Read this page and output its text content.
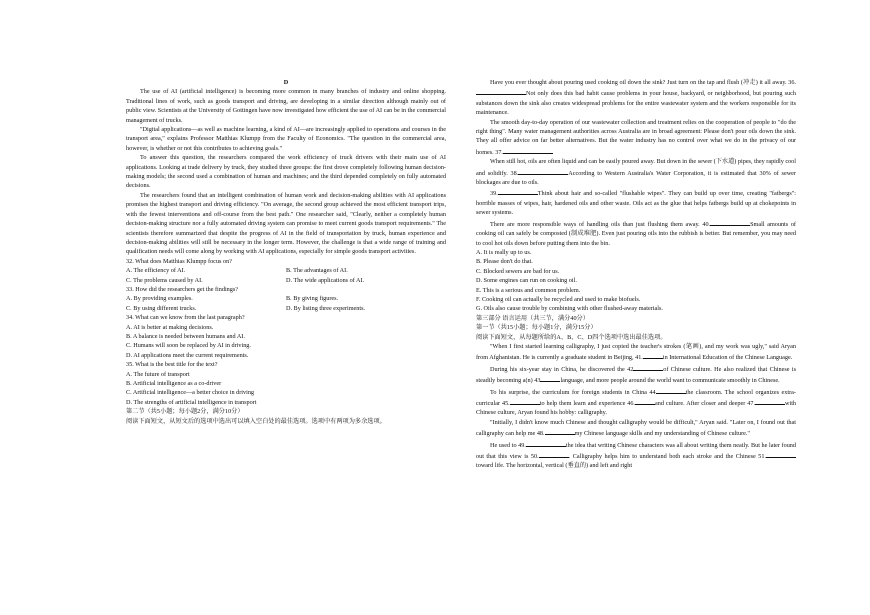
D

The use of AI (artificial intelligence) is becoming more common in many branches of industry and online shopping. Traditional lines of work, such as goods transport and driving, are developing in a similar direction although mainly out of public view. Scientists at the University of Gottingen have now investigated how efficient the use of AI can be in the commercial management of trucks.

"Digital applications—as well as machine learning, a kind of AI—are increasingly applied to operations and courses in the transport area," explains Professor Matthias Klumpp from the Faculty of Economics. "The question in the commercial area, however, is whether or not this contributes to achieving goals."

To answer this question, the researchers compared the work efficiency of truck drivers with their main use of AI applications. Looking at trade delivery by truck, they studied three groups: the first drove completely following human decision-making models; the second used a combination of human and machines; and the third depended completely on fully automated decisions.

The researchers found that an intelligent combination of human work and decision-making abilities with AI applications promises the highest transport and driving efficiency. "On average, the second group achieved the most efficient transport trips, with the fewest interventions and off-course from the best path." One researcher said, "Clearly, neither a completely human decision-making structure nor a fully automated driving system can promise to meet current goods transport requirements." The scientists therefore summarized that despite the progress of AI in the field of transportation by truck, human experience and decision-making abilities will still be necessary in the longer term. However, the challenge is that a wide range of training and qualification needs will come along by working with AI applications, especially for simple goods transport activities.

32. What does Matthias Klumpp focus on?

A. The efficiency of AI.	B. The advantages of AI.
C. The problems caused by AI.	D. The wide applications of AI.

33. How did the researchers get the findings?

A. By providing examples.	B. By giving figures.
C. By using different trucks.	D. By listing three experiments.

34. What can we know from the last paragraph?

A. AI is better at making decisions.

B. A balance is needed between humans and AI.

C. Humans will soon be replaced by AI in driving.

D. AI applications meet the current requirements.

35. What is the best title for the text?

A. The future of transport

B. Artificial intelligence as a co-driver

C. Artificial intelligence—a better choice in driving

D. The strengths of artificial intelligence in transport

第二节（共5小题；每小题2分，满分10分）

阅读下面短文，从短文后的选项中选出可以填入空白处的最佳选项。选项中有两项为多余选项。

Have you ever thought about pouring used cooking oil down the sink? Just turn on the tap and flush (冲走) it all away. 36.Not only does this bad habit cause problems in your house, backyard, or neighborhood, but pouring such substances down the sink also creates widespread problems for the entire wastewater system and the workers responsible for its maintenance.

The smooth day-to-day operation of our wastewater collection and treatment relies on the cooperation of people to "do the right thing". Many water management authorities across Australia are in broad agreement: Please don't pour oils down the sink. They all offer advice on far better alternatives. But the water industry has no control over what we do in the privacy of our homes. 37.

When still hot, oils are often liquid and can be easily poured away. But down in the sewer (下水道) pipes, they rapidly cool and solidify. 38.	According to Western Australia's Water Corporation, it is estimated that 30% of sewer blockages are due to oils.

39.	Think about hair and so-called "flushable wipes". They can build up over time, creating "fatbergs": horrible masses of wipes, hair, hardened oils and other waste. Oils act as the glue that helps fatbergs build up at chokepoints in sewer systems.

There are more responsible ways of handling oils than just flushing them away. 40.	Small amounts of cooking oil can safely be composted (制成堆肥). Even just pouring oils into the rubbish is better. But remember, you may need to cool hot oils down before putting them into the bin.

A. It is really up to us.

B. Please don't do that.

C. Blocked sewers are bad for us.

D. Some engines can run on cooking oil.

E. This is a serious and common problem.

F. Cooking oil can actually be recycled and used to make biofuels.

G. Oils also cause trouble by combining with other flushed-away materials.

第三部分 语言运用（共三节，满分40分）

第一节（共15小题；每小题1分，满分15分）

阅读下面短文，从每题所给的A、B、C、D四个选项中选出最佳选项。

"When I first started learning calligraphy, I just copied the teacher's strokes (笔画), and my work was ugly," said Aryan from Afghanistan. He is currently a graduate student in Beijing, 41.	in International Education of the Chinese Language.

During his six-year stay in China, he discovered the 42	of Chinese culture. He also realized that Chinese is steadily becoming a(n) 43	language, and more people around the world want to communicate smoothly in Chinese.

To his surprise, the curriculum for foreign students in China 44	the classroom. The school organizes extra-curricular 45.	to help them learn and experience 46.	and culture. After closer and deeper 47.	with Chinese culture, Aryan found his hobby: calligraphy.

"Initially, I didn't know much Chinese and thought calligraphy would be difficult," Aryan said. "Later on, I found out that calligraphy can help me 48.	my Chinese language skills and my understanding of Chinese culture."

He used to 49.	the idea that writing Chinese characters was all about writing them neatly. But he later found out that this view is 50.	. Calligraphy helps him to understand both each stroke and the Chinese 51.toward life. The horizontal, vertical (垂直的) and left and right
